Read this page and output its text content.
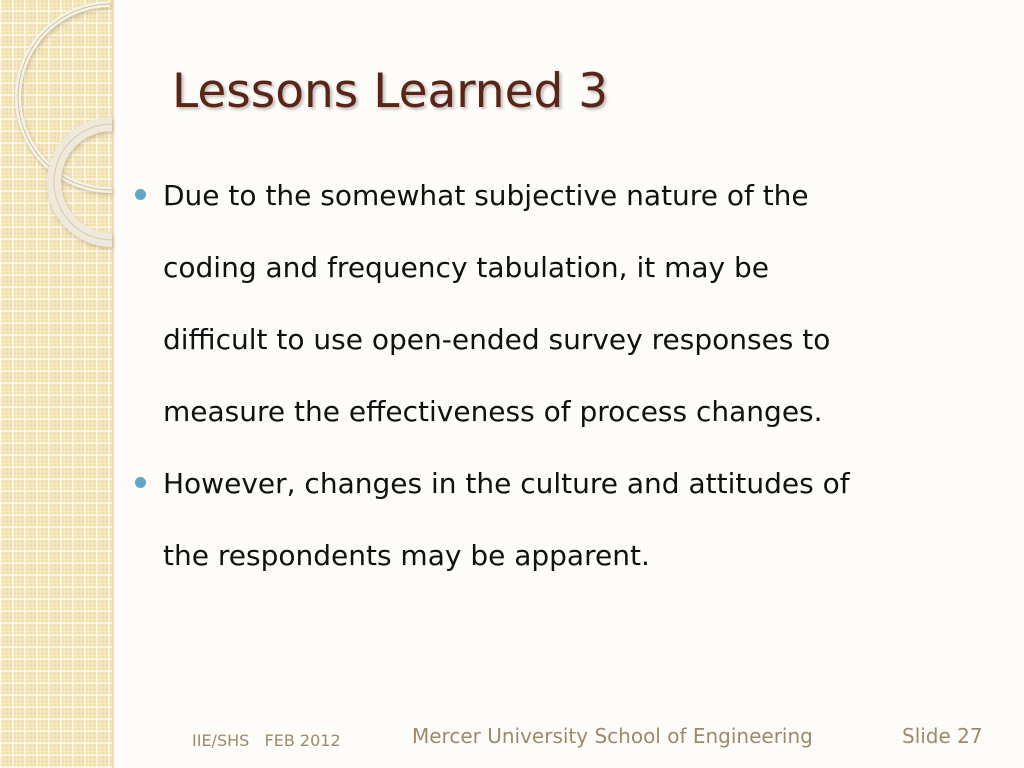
Lessons Learned 3
Due to the somewhat subjective nature of the
coding and frequency tabulation, it may be
difficult to use open-ended survey responses to
measure the effectiveness of process changes.
However, changes in the culture and attitudes of
the respondents may be apparent.
IIE/SHS   FEB 2012	Mercer University School of Engineering	Slide 27
